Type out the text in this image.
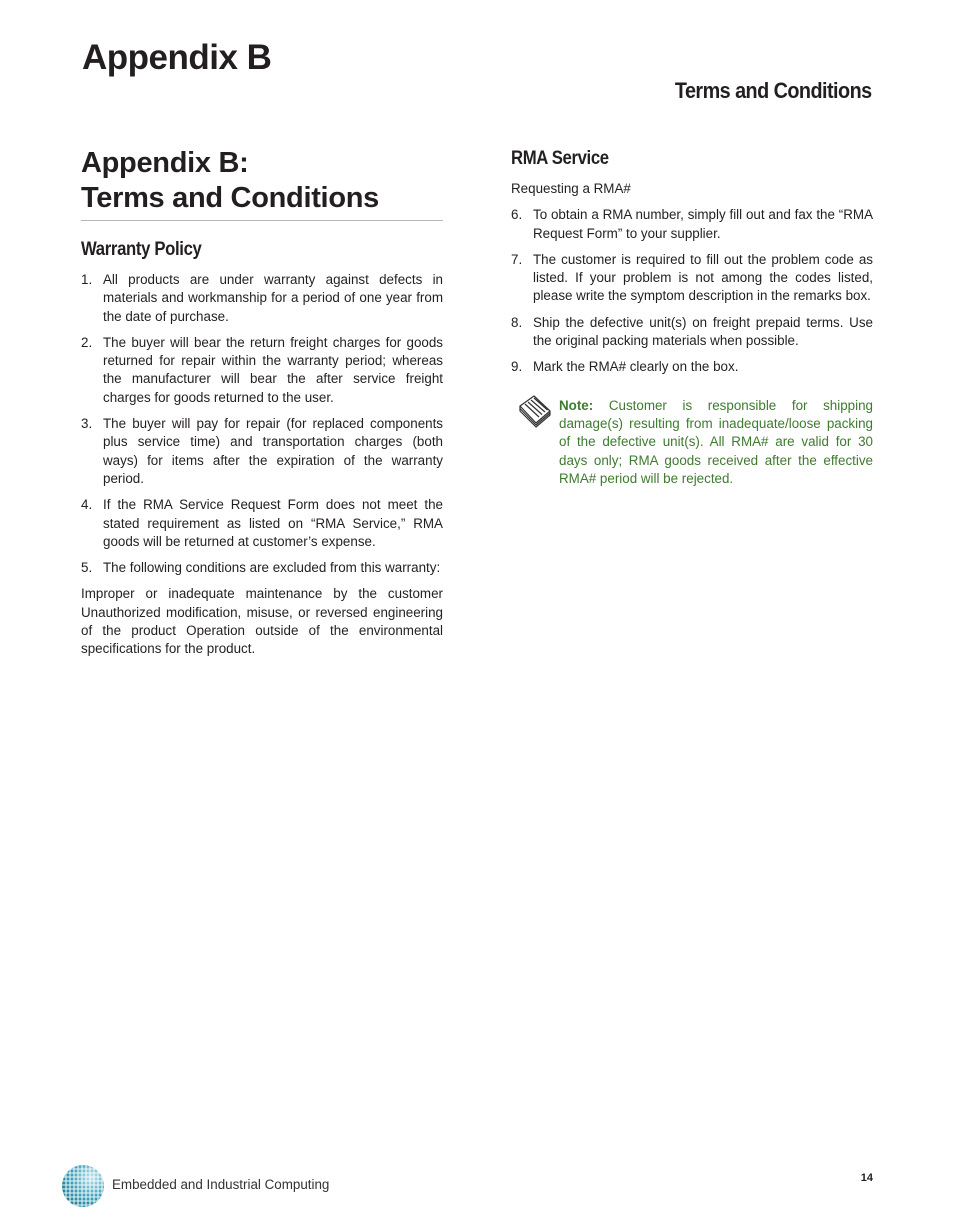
Appendix B
Terms and Conditions
Appendix B:
Terms and Conditions
Warranty Policy
1. All products are under warranty against defects in materials and workmanship for a period of one year from the date of purchase.
2. The buyer will bear the return freight charges for goods returned for repair within the warranty period; whereas the manufacturer will bear the after service freight charges for goods returned to the user.
3. The buyer will pay for repair (for replaced components plus service time) and transportation charges (both ways) for items after the expiration of the warranty period.
4. If the RMA Service Request Form does not meet the stated requirement as listed on “RMA Service,” RMA goods will be returned at customer’s expense.
5. The following conditions are excluded from this warranty:

Improper or inadequate maintenance by the customer Unauthorized modification, misuse, or reversed engineering of the product Operation outside of the environmental specifications for the product.

RMA Service

Requesting a RMA#

6. To obtain a RMA number, simply fill out and fax the “RMA Request Form” to your supplier.
7. The customer is required to fill out the problem code as listed. If your problem is not among the codes listed, please write the symptom description in the remarks box.
8. Ship the defective unit(s) on freight prepaid terms. Use the original packing materials when possible.
9. Mark the RMA# clearly on the box.

Note: Customer is responsible for shipping damage(s) resulting from inadequate/loose packing of the defective unit(s). All RMA# are valid for 30 days only; RMA goods received after the effective RMA# period will be rejected.

Embedded and Industrial Computing	14
